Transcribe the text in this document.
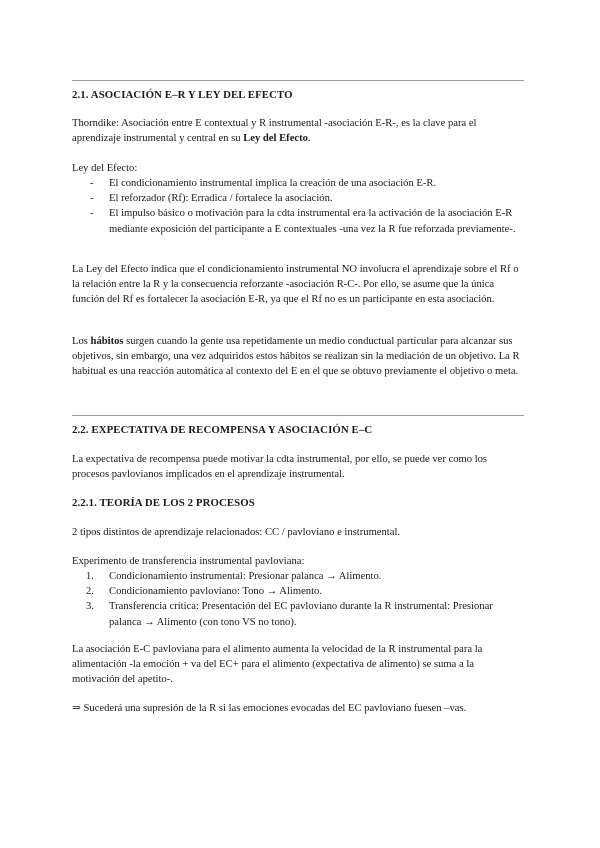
2.1. ASOCIACIÓN E–R Y LEY DEL EFECTO

Thorndike: Asociación entre E contextual y R instrumental -asociación E-R-, es la clave para el aprendizaje instrumental y central en su Ley del Efecto.

Ley del Efecto:

- El condicionamiento instrumental implica la creación de una asociación E-R.
- El reforzador (Rf): Erradica / fortalece la asociación.
- El impulso básico o motivación para la cdta instrumental era la activación de la asociación E-R mediante exposición del participante a E contextuales -una vez la R fue reforzada previamente-.

La Ley del Efecto indica que el condicionamiento instrumental NO involucra el aprendizaje sobre el Rf o la relación entre la R y la consecuencia reforzante -asociación R-C-. Por ello, se asume que la única función del Rf es fortalecer la asociación E-R, ya que el Rf no es un participante en esta asociación.

Los hábitos surgen cuando la gente usa repetidamente un medio conductual particular para alcanzar sus objetivos, sin embargo, una vez adquiridos estos hábitos se realizan sin la mediación de un objetivo. La R habitual es una reacción automática al contexto del E en el que se obtuvo previamente el objetivo o meta.

2.2. EXPECTATIVA DE RECOMPENSA Y ASOCIACIÓN E–C

La expectativa de recompensa puede motivar la cdta instrumental, por ello, se puede ver como los procesos pavlovianos implicados en el aprendizaje instrumental.

2.2.1. TEORÍA DE LOS 2 PROCESOS

2 tipos distintos de aprendizaje relacionados: CC / pavloviano e instrumental.

Experimento de transferencia instrumental pavloviana:

1. Condicionamiento instrumental: Presionar palanca → Alimento.
2. Condicionamiento pavloviano: Tono → Alimento.
3. Transferencia crítica: Presentación del EC pavloviano durante la R instrumental: Presionar palanca → Alimento (con tono VS no tono).

La asociación E-C pavloviana para el alimento aumenta la velocidad de la R instrumental para la alimentación -la emoción + va del EC+ para el alimento (expectativa de alimento) se suma a la motivación del apetito-.

⇒ Sucederá una supresión de la R si las emociones evocadas del EC pavloviano fuesen –vas.
